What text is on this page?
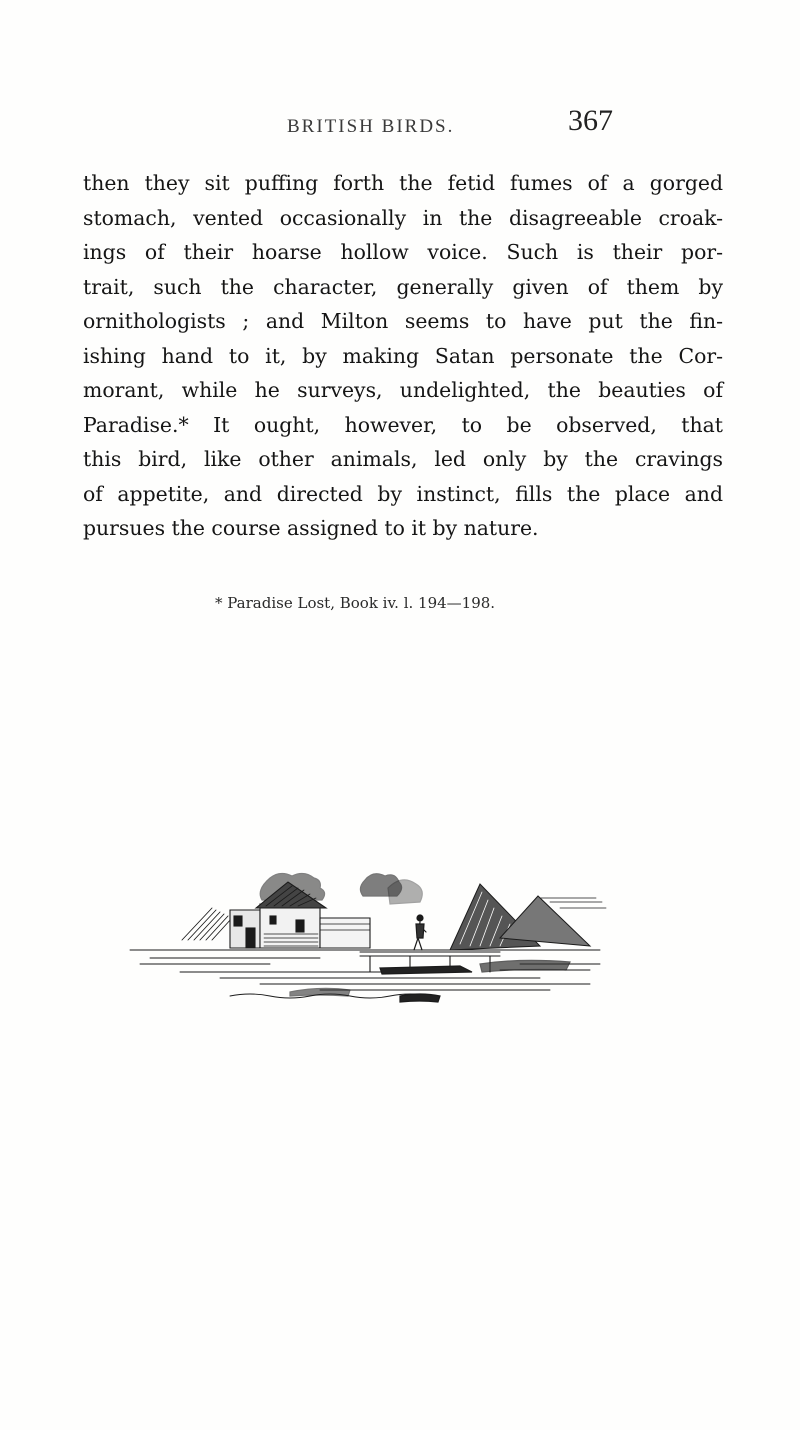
BRITISH BIRDS.	367
then they sit puffing forth the fetid fumes of a gorged
stomach, vented occasionally in the disagreeable croak-
ings of their hoarse hollow voice. Such is their por-
trait, such the character, generally given of them by
ornithologists ; and Milton seems to have put the fin-
ishing hand to it, by making Satan personate the Cor-
morant, while he surveys, undelighted, the beauties of
Paradise.* It ought, however, to be observed, that
this bird, like other animals, led only by the cravings
of appetite, and directed by instinct, fills the place and
pursues the course assigned to it by nature.
* Paradise Lost, Book iv. l. 194—198.
